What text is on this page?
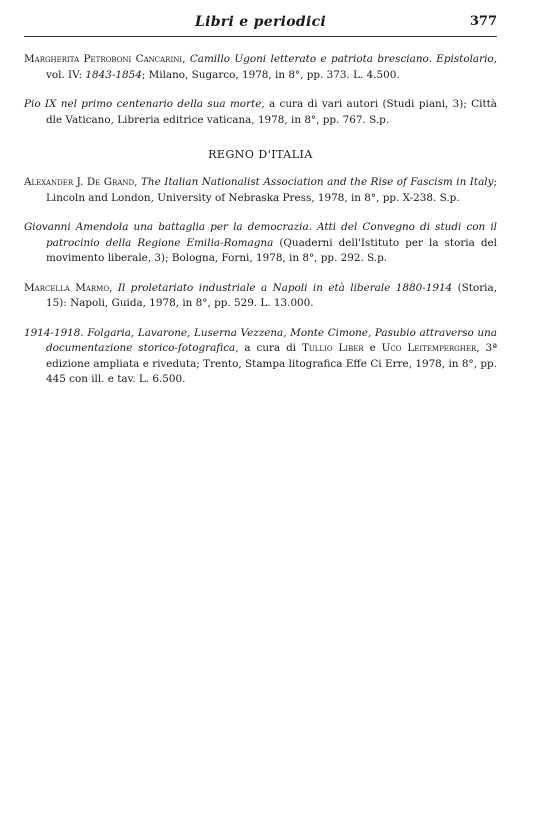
Libri e periodici	377

Margherita Petroboni Cancarini, Camillo Ugoni letterato e patriota bresciano. Epistolario, vol. IV: 1843-1854; Milano, Sugarco, 1978, in 8°, pp. 373. L. 4.500.

Pio IX nel primo centenario della sua morte, a cura di vari autori (Studi piani, 3); Città dle Vaticano, Libreria editrice vaticana, 1978, in 8°, pp. 767. S.p.

REGNO D'ITALIA

Alexander J. De Grand, The Italian Nationalist Association and the Rise of Fascism in Italy; Lincoln and London, University of Nebraska Press, 1978, in 8°, pp. X-238. S.p.

Giovanni Amendola una battaglia per la democrazia. Atti del Convegno di studi con il patrocinio della Regione Emilia-Romagna (Quaderni dell'Istituto per la storia del movimento liberale, 3); Bologna, Forni, 1978, in 8°, pp. 292. S.p.

Marcella Marmo, Il proletariato industriale a Napoli in età liberale 1880-1914 (Storia, 15): Napoli, Guida, 1978, in 8°, pp. 529. L. 13.000.

1914-1918. Folgaria, Lavarone, Luserna Vezzena, Monte Cimone, Pasubio attraverso una documentazione storico-fotografica, a cura di Tullio Liber e Uco Leitempergher, 3ª edizione ampliata e riveduta; Trento, Stampa litografica Effe Ci Erre, 1978, in 8°, pp. 445 con ill. e tav. L. 6.500.
